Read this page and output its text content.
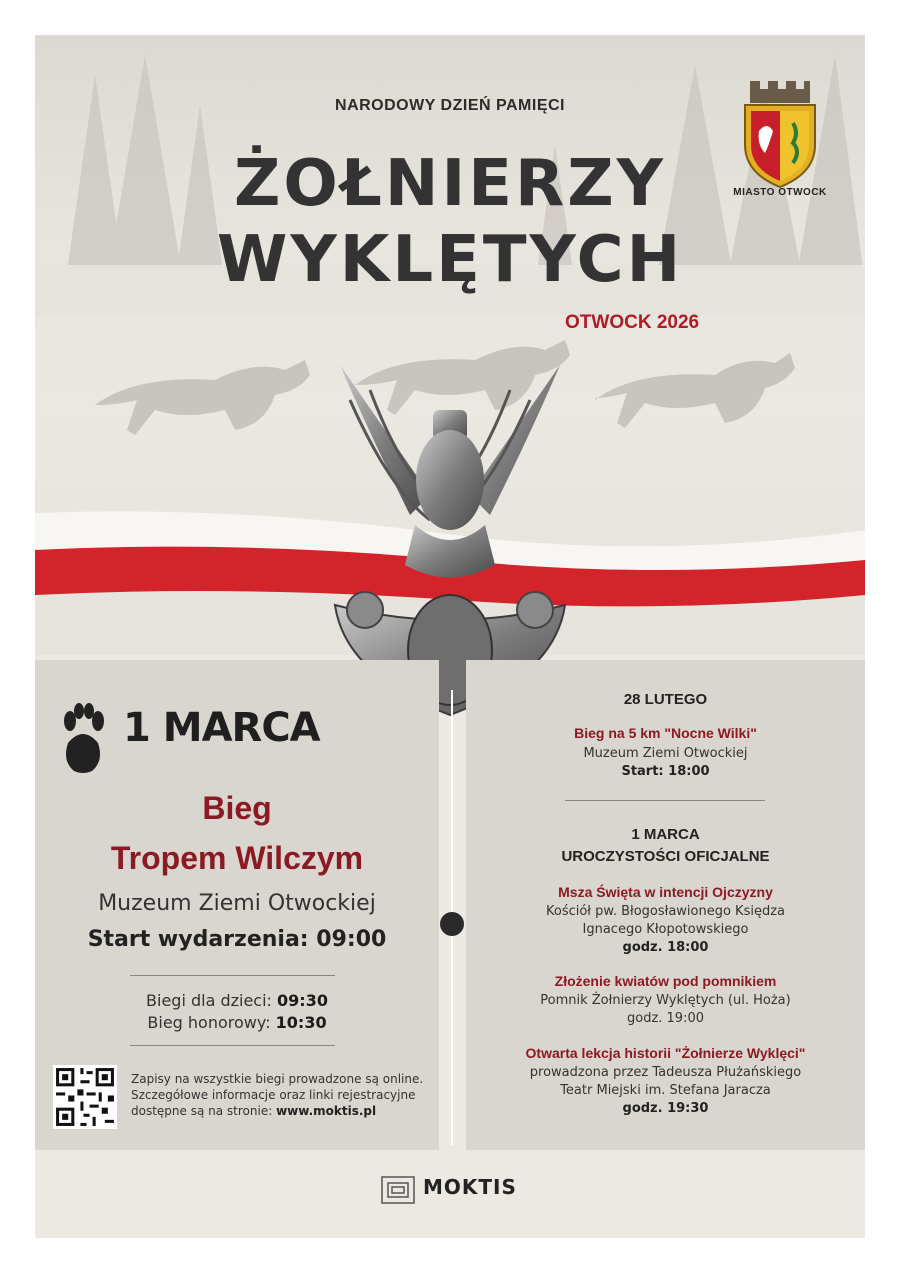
NARODOWY DZIEŃ PAMIĘCI
ŻOŁNIERZY
WYKLĘTYCH
OTWOCK 2026
MIASTO OTWOCK
1 MARCA
Bieg
Tropem Wilczym
Muzeum Ziemi Otwockiej
Start wydarzenia: 09:00
Biegi dla dzieci: 09:30
Bieg honorowy: 10:30
Zapisy na wszystkie biegi prowadzone są online.
Szczegółowe informacje oraz linki rejestracyjne
dostępne są na stronie: www.moktis.pl
28 LUTEGO
Bieg na 5 km "Nocne Wilki"
Muzeum Ziemi Otwockiej
Start: 18:00
1 MARCA
UROCZYSTOŚCI OFICJALNE
Msza Święta w intencji Ojczyzny
Kościół pw. Błogosławionego Księdza
Ignacego Kłopotowskiego
godz. 18:00
Złożenie kwiatów pod pomnikiem
Pomnik Żołnierzy Wyklętych (ul. Hoża)
godz. 19:00
Otwarta lekcja historii "Żołnierze Wyklęci"
prowadzona przez Tadeusza Płużańskiego
Teatr Miejski im. Stefana Jaracza
godz. 19:30
MOKTIS
